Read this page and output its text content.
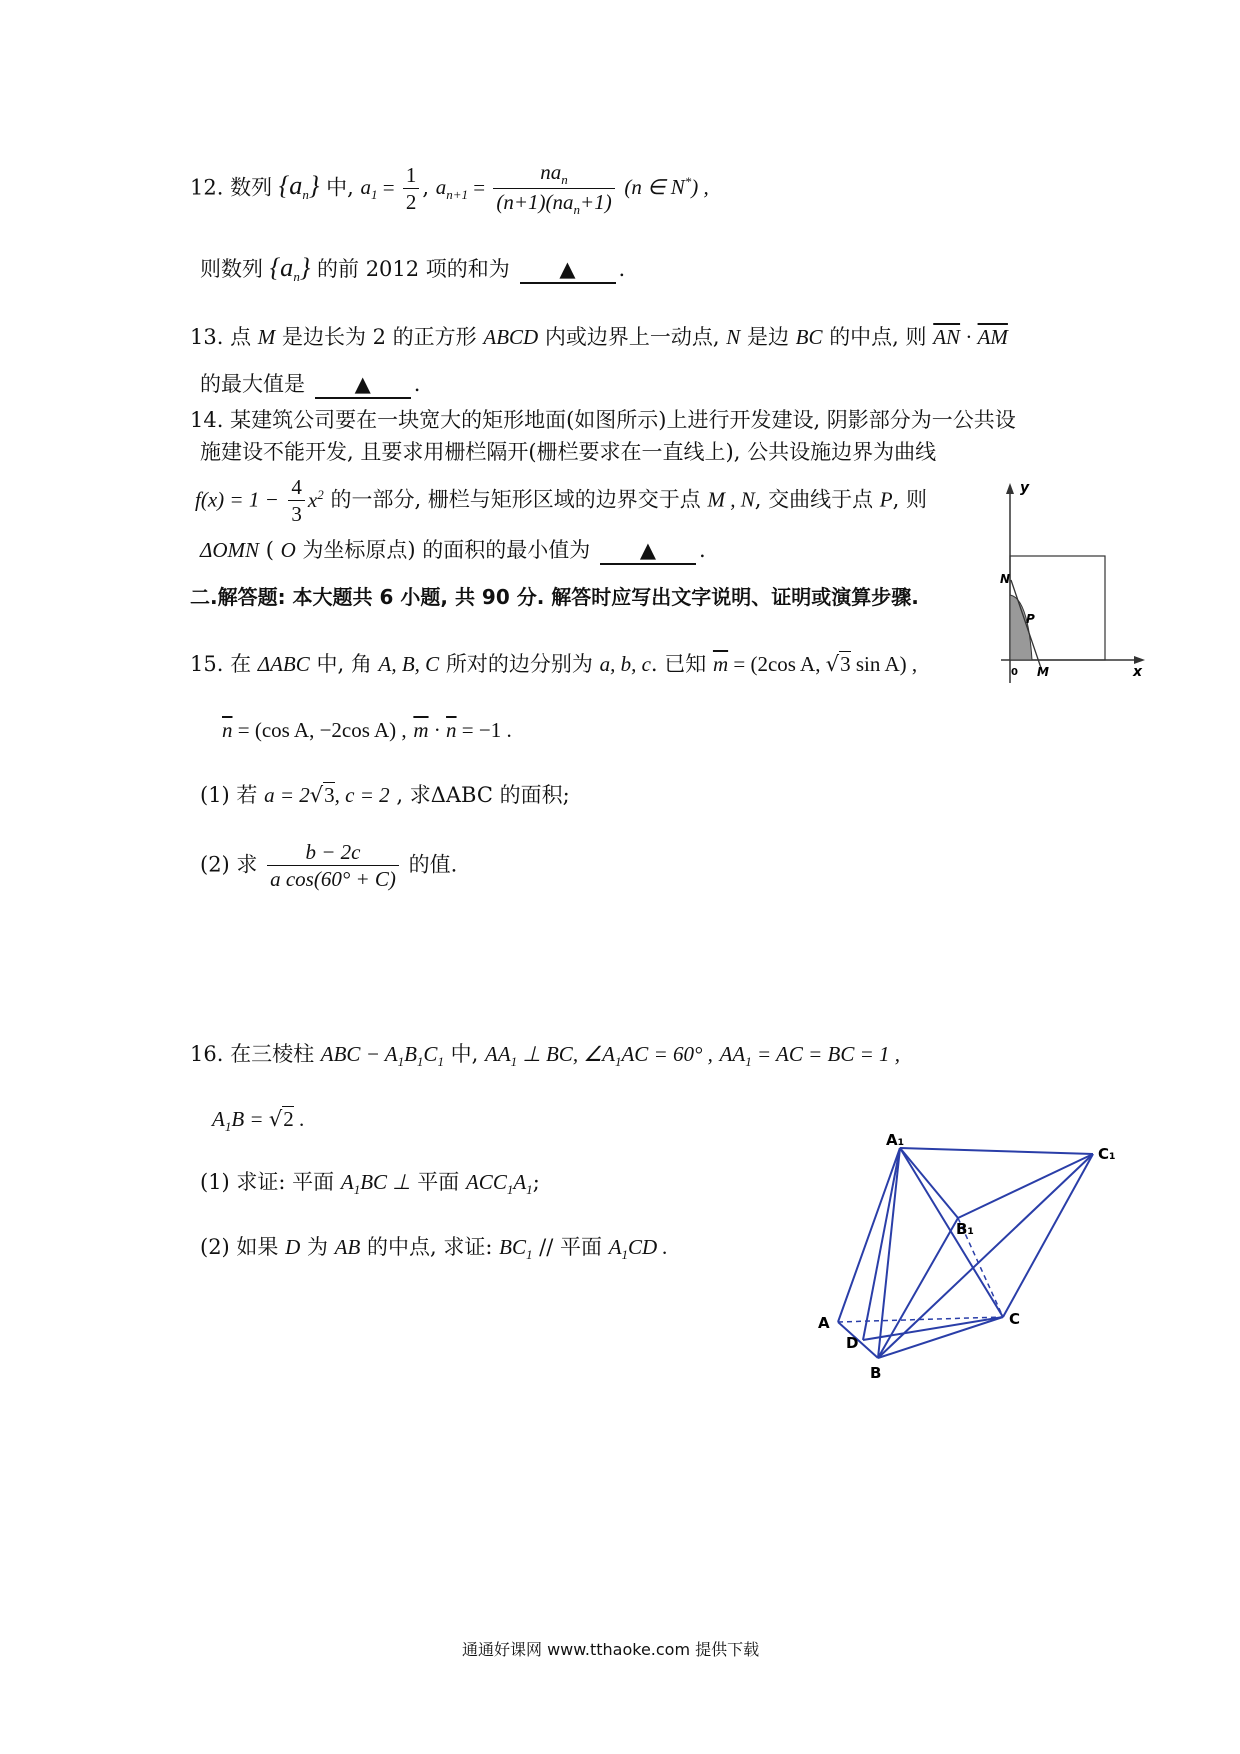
12. 数列 $\{a_n\}$ 中, $a_1 = \frac{1}{2}$ , $a_{n+1} = \frac{na_n}{(n+1)(na_n+1)} (n$ ∈ N*) ,
则数列 $\{a_n\}$ 的前 2012 项的和为 ▲ .
13. 点 M 是边长为 2 的正方形 ABCD 内或边界上一动点, N 是边 BC 的中点, 则 $\overline{AN} \cdot \overline{AM}$
的最大值是 ▲ .
14. 某建筑公司要在一块宽大的矩形地面(如图所示)上进行开发建设, 阴影部分为一公共设
施建设不能开发, 且要求用栅栏隔开(栅栏要求在一直线上), 公共设施边界为曲线
$f(x) = 1 - \frac{4}{3} x^2$ 的一部分, 栅栏与矩形区域的边界交于点 M , N, 交曲线于点 P, 则
ΔOMN ( O 为坐标原点) 的面积的最小值为 ▲ .
y
x
N
P
0 M
二.解答题: 本大题共 6 小题, 共 90 分. 解答时应写出文字说明、证明或演算步骤.
15. 在 ΔABC 中, 角 A, B, C 所对的边分别为 a, b, c. 已知 $\overline{m} = (2\cos$ A, √3 sin A) ,
$\overline{n} = (\cos$ A, −2cos A) , $\overline{m} \cdot \overline{n} = -1$ .
(1) 若 a = 2√3, c = 2 , 求ΔABC 的面积;
(2) 求 $\frac{b - 2c}{\text{a cos(60° + C)}}$ 的值.
16. 在三棱柱 ABC − $A_1B_1C_1$ 中, $AA_1$ ⊥ BC, $\angle A_1AC = 60^\circ$ , $AA_1$ = AC = BC = 1 ,
$A_1B = √2$ .
(1) 求证: 平面 $A_1BC$ ⊥ 平面 $ACC_1A_1$;
(2) 如果 D 为 AB 的中点, 求证: $BC_1$ // 平面 $A_1CD$ .
A₁
C₁
B₁
A	C
D
B
通通好课网 www.tthaoke.com 提供下载
